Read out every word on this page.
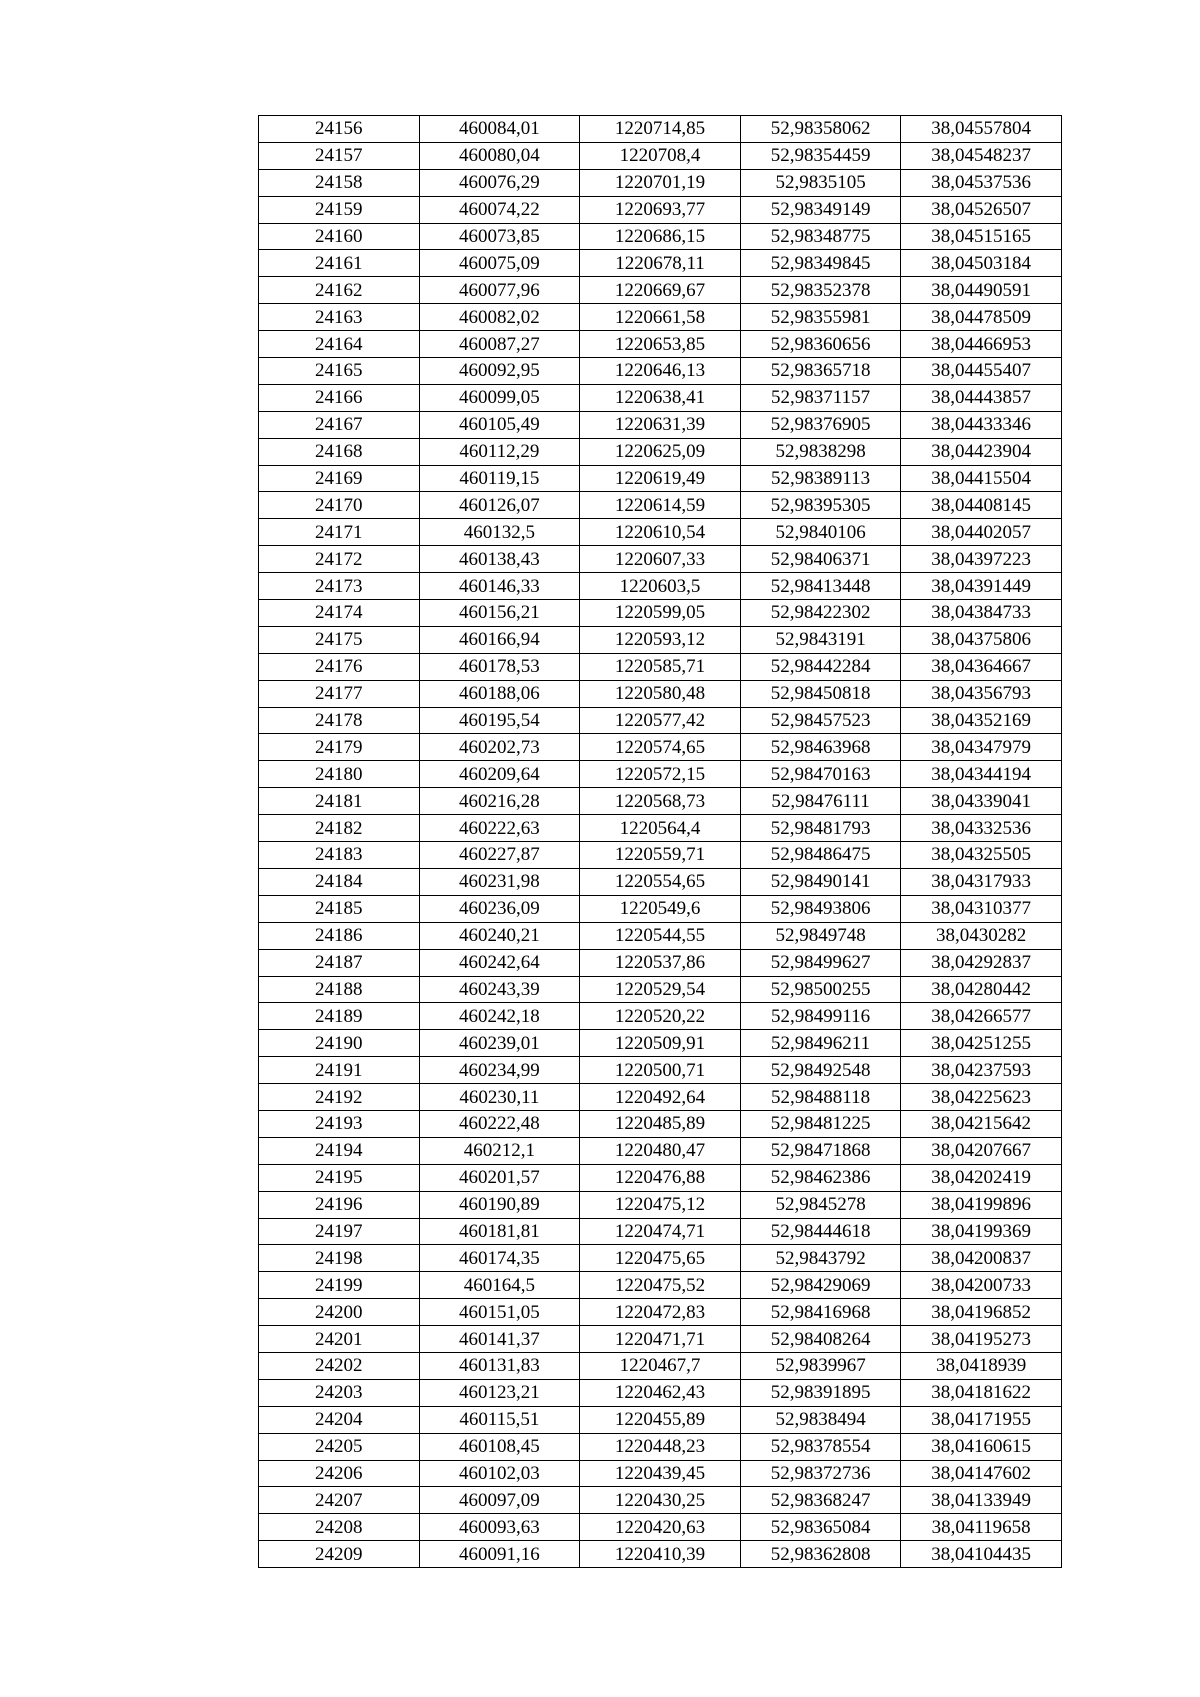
24156	460084,01	1220714,85	52,98358062	38,04557804
24157	460080,04	1220708,4	52,98354459	38,04548237
24158	460076,29	1220701,19	52,9835105	38,04537536
24159	460074,22	1220693,77	52,98349149	38,04526507
24160	460073,85	1220686,15	52,98348775	38,04515165
24161	460075,09	1220678,11	52,98349845	38,04503184
24162	460077,96	1220669,67	52,98352378	38,04490591
24163	460082,02	1220661,58	52,98355981	38,04478509
24164	460087,27	1220653,85	52,98360656	38,04466953
24165	460092,95	1220646,13	52,98365718	38,04455407
24166	460099,05	1220638,41	52,98371157	38,04443857
24167	460105,49	1220631,39	52,98376905	38,04433346
24168	460112,29	1220625,09	52,9838298	38,04423904
24169	460119,15	1220619,49	52,98389113	38,04415504
24170	460126,07	1220614,59	52,98395305	38,04408145
24171	460132,5	1220610,54	52,9840106	38,04402057
24172	460138,43	1220607,33	52,98406371	38,04397223
24173	460146,33	1220603,5	52,98413448	38,04391449
24174	460156,21	1220599,05	52,98422302	38,04384733
24175	460166,94	1220593,12	52,9843191	38,04375806
24176	460178,53	1220585,71	52,98442284	38,04364667
24177	460188,06	1220580,48	52,98450818	38,04356793
24178	460195,54	1220577,42	52,98457523	38,04352169
24179	460202,73	1220574,65	52,98463968	38,04347979
24180	460209,64	1220572,15	52,98470163	38,04344194
24181	460216,28	1220568,73	52,98476111	38,04339041
24182	460222,63	1220564,4	52,98481793	38,04332536
24183	460227,87	1220559,71	52,98486475	38,04325505
24184	460231,98	1220554,65	52,98490141	38,04317933
24185	460236,09	1220549,6	52,98493806	38,04310377
24186	460240,21	1220544,55	52,9849748	38,0430282
24187	460242,64	1220537,86	52,98499627	38,04292837
24188	460243,39	1220529,54	52,98500255	38,04280442
24189	460242,18	1220520,22	52,98499116	38,04266577
24190	460239,01	1220509,91	52,98496211	38,04251255
24191	460234,99	1220500,71	52,98492548	38,04237593
24192	460230,11	1220492,64	52,98488118	38,04225623
24193	460222,48	1220485,89	52,98481225	38,04215642
24194	460212,1	1220480,47	52,98471868	38,04207667
24195	460201,57	1220476,88	52,98462386	38,04202419
24196	460190,89	1220475,12	52,9845278	38,04199896
24197	460181,81	1220474,71	52,98444618	38,04199369
24198	460174,35	1220475,65	52,9843792	38,04200837
24199	460164,5	1220475,52	52,98429069	38,04200733
24200	460151,05	1220472,83	52,98416968	38,04196852
24201	460141,37	1220471,71	52,98408264	38,04195273
24202	460131,83	1220467,7	52,9839967	38,0418939
24203	460123,21	1220462,43	52,98391895	38,04181622
24204	460115,51	1220455,89	52,9838494	38,04171955
24205	460108,45	1220448,23	52,98378554	38,04160615
24206	460102,03	1220439,45	52,98372736	38,04147602
24207	460097,09	1220430,25	52,98368247	38,04133949
24208	460093,63	1220420,63	52,98365084	38,04119658
24209	460091,16	1220410,39	52,98362808	38,04104435
